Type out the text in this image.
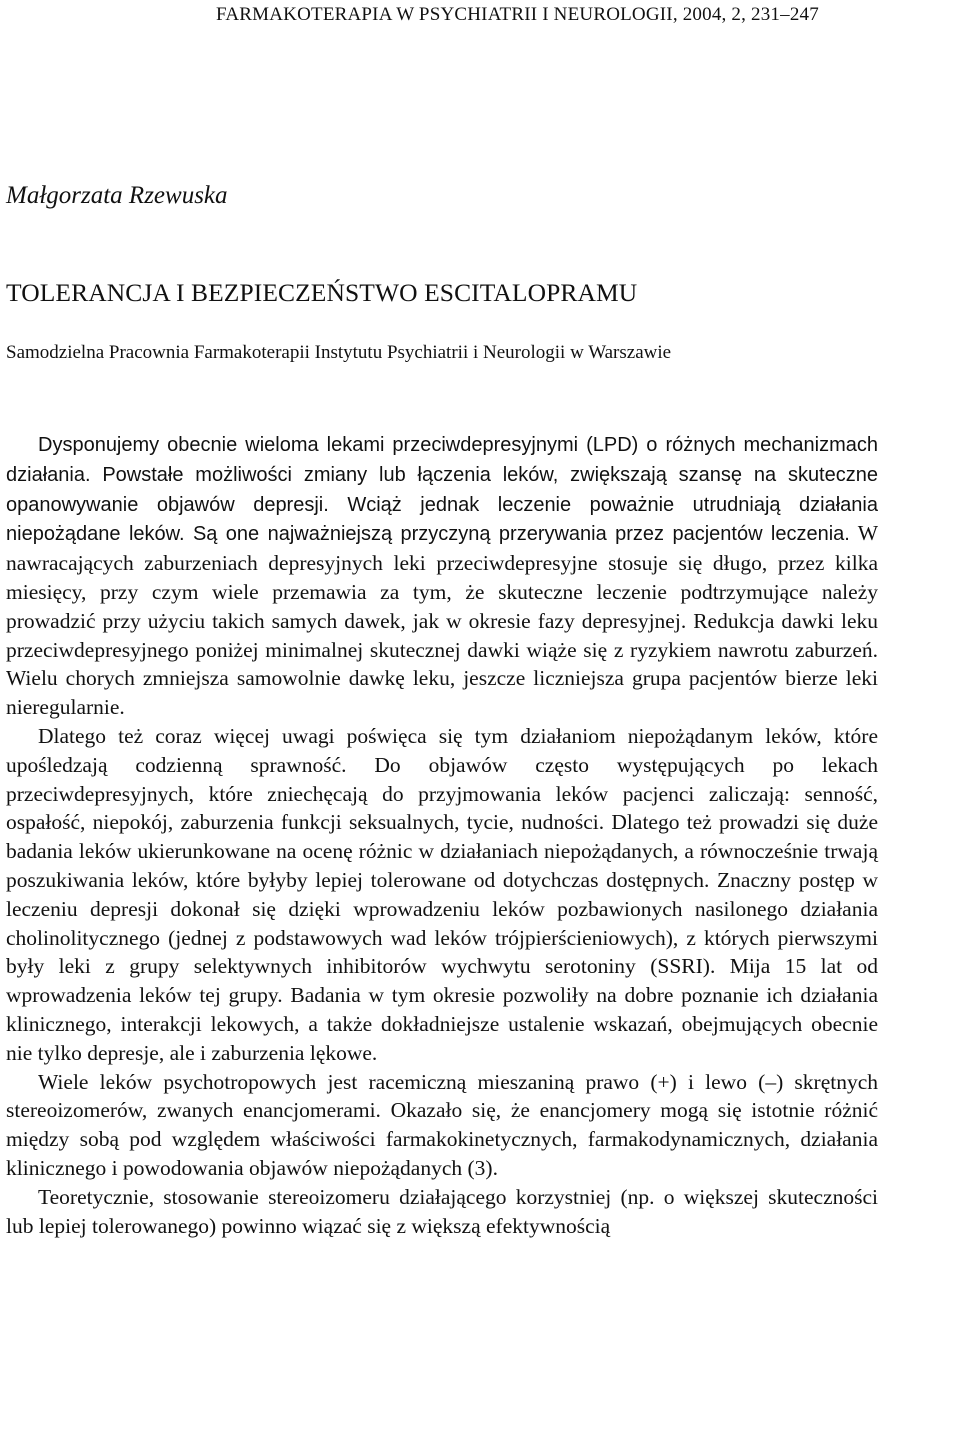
FARMAKOTERAPIA W PSYCHIATRII I NEUROLOGII, 2004, 2, 231–247
Małgorzata Rzewuska
TOLERANCJA I BEZPIECZEŃSTWO ESCITALOPRAMU
Samodzielna Pracownia Farmakoterapii Instytutu Psychiatrii i Neurologii w Warszawie

Dysponujemy obecnie wieloma lekami przeciwdepresyjnymi (LPD) o różnych mechanizmach działania. Powstałe możliwości zmiany lub łączenia leków, zwiększają szansę na skuteczne opanowywanie objawów depresji. Wciąż jednak leczenie poważnie utrudniają działania niepożądane leków. Są one najważniejszą przyczyną przerywania przez pacjentów leczenia. W nawracających zaburzeniach depresyjnych leki przeciwdepresyjne stosuje się długo, przez kilka miesięcy, przy czym wiele przemawia za tym, że skuteczne leczenie podtrzymujące należy prowadzić przy użyciu takich samych dawek, jak w okresie fazy depresyjnej. Redukcja dawki leku przeciwdepresyjnego poniżej minimalnej skutecznej dawki wiąże się z ryzykiem nawrotu zaburzeń. Wielu chorych zmniejsza samowolnie dawkę leku, jeszcze liczniejsza grupa pacjentów bierze leki nieregularnie.

Dlatego też coraz więcej uwagi poświęca się tym działaniom niepożądanym leków, które upośledzają codzienną sprawność. Do objawów często występujących po lekach przeciwdepresyjnych, które zniechęcają do przyjmowania leków pacjenci zaliczają: senność, ospałość, niepokój, zaburzenia funkcji seksualnych, tycie, nudności. Dlatego też prowadzi się duże badania leków ukierunkowane na ocenę różnic w działaniach niepożądanych, a równocześnie trwają poszukiwania leków, które byłyby lepiej tolerowane od dotychczas dostępnych. Znaczny postęp w leczeniu depresji dokonał się dzięki wprowadzeniu leków pozbawionych nasilonego działania cholinolitycznego (jednej z podstawowych wad leków trójpierścieniowych), z których pierwszymi były leki z grupy selektywnych inhibitorów wychwytu serotoniny (SSRI). Mija 15 lat od wprowadzenia leków tej grupy. Badania w tym okresie pozwoliły na dobre poznanie ich działania klinicznego, interakcji lekowych, a także dokładniejsze ustalenie wskazań, obejmujących obecnie nie tylko depresje, ale i zaburzenia lękowe.

Wiele leków psychotropowych jest racemiczną mieszaniną prawo (+) i lewo (–) skrętnych stereoizomerów, zwanych enancjomerami. Okazało się, że enancjomery mogą się istotnie różnić między sobą pod względem właściwości farmakokinetycznych, farmakodynamicznych, działania klinicznego i powodowania objawów niepożądanych (3).

Teoretycznie, stosowanie stereoizomeru działającego korzystniej (np. o większej skuteczności lub lepiej tolerowanego) powinno wiązać się z większą efektywnością
